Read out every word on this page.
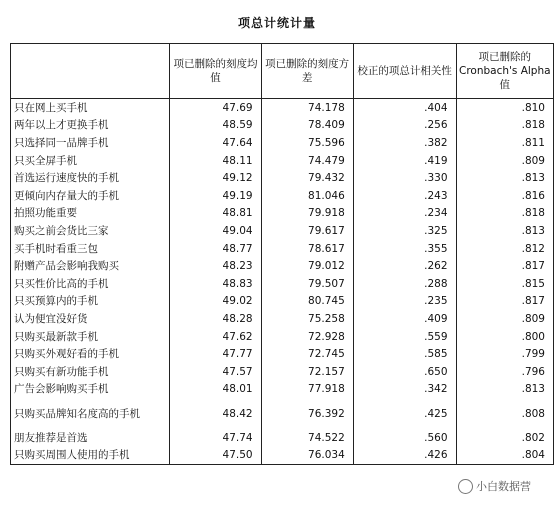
项总计统计量
	项已删除的刻度均值	项已删除的刻度方差	校正的项总计相关性	项已删除的 Cronbach's Alpha 值
只在网上买手机	47.69	74.178	.404	.810
两年以上才更换手机	48.59	78.409	.256	.818
只选择同一品牌手机	47.64	75.596	.382	.811
只买全屏手机	48.11	74.479	.419	.809
首选运行速度快的手机	49.12	79.432	.330	.813
更倾向内存量大的手机	49.19	81.046	.243	.816
拍照功能重要	48.81	79.918	.234	.818
购买之前会货比三家	49.04	79.617	.325	.813
买手机时看重三包	48.77	78.617	.355	.812
附赠产品会影响我购买	48.23	79.012	.262	.817
只买性价比高的手机	48.83	79.507	.288	.815
只买预算内的手机	49.02	80.745	.235	.817
认为便宜没好货	48.28	75.258	.409	.809
只购买最新款手机	47.62	72.928	.559	.800
只购买外观好看的手机	47.77	72.745	.585	.799
只购买有新功能手机	47.57	72.157	.650	.796
广告会影响购买手机	48.01	77.918	.342	.813
只购买品牌知名度高的手机	48.42	76.392	.425	.808
朋友推荐是首选	47.74	74.522	.560	.802
只购买周围人使用的手机	47.50	76.034	.426	.804
小白数据营
